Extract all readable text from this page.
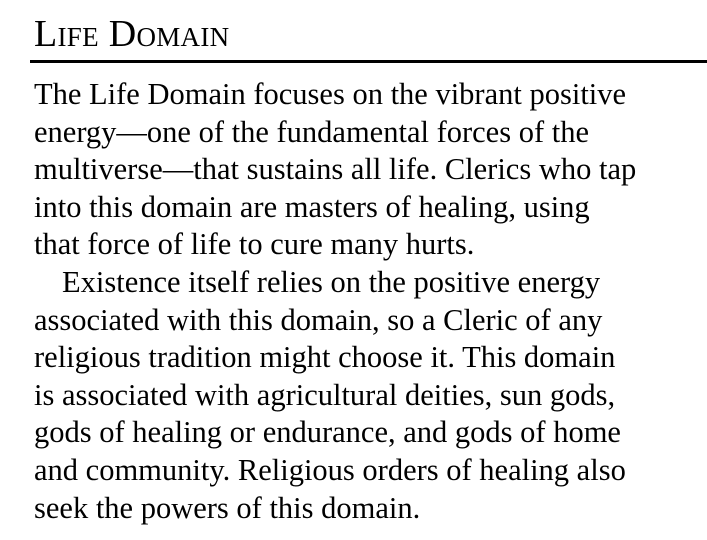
Life Domain

The Life Domain focuses on the vibrant positive
energy—one of the fundamental forces of the
multiverse—that sustains all life. Clerics who tap
into this domain are masters of healing, using
that force of life to cure many hurts.

Existence itself relies on the positive energy
associated with this domain, so a Cleric of any
religious tradition might choose it. This domain
is associated with agricultural deities, sun gods,
gods of healing or endurance, and gods of home
and community. Religious orders of healing also
seek the powers of this domain.
